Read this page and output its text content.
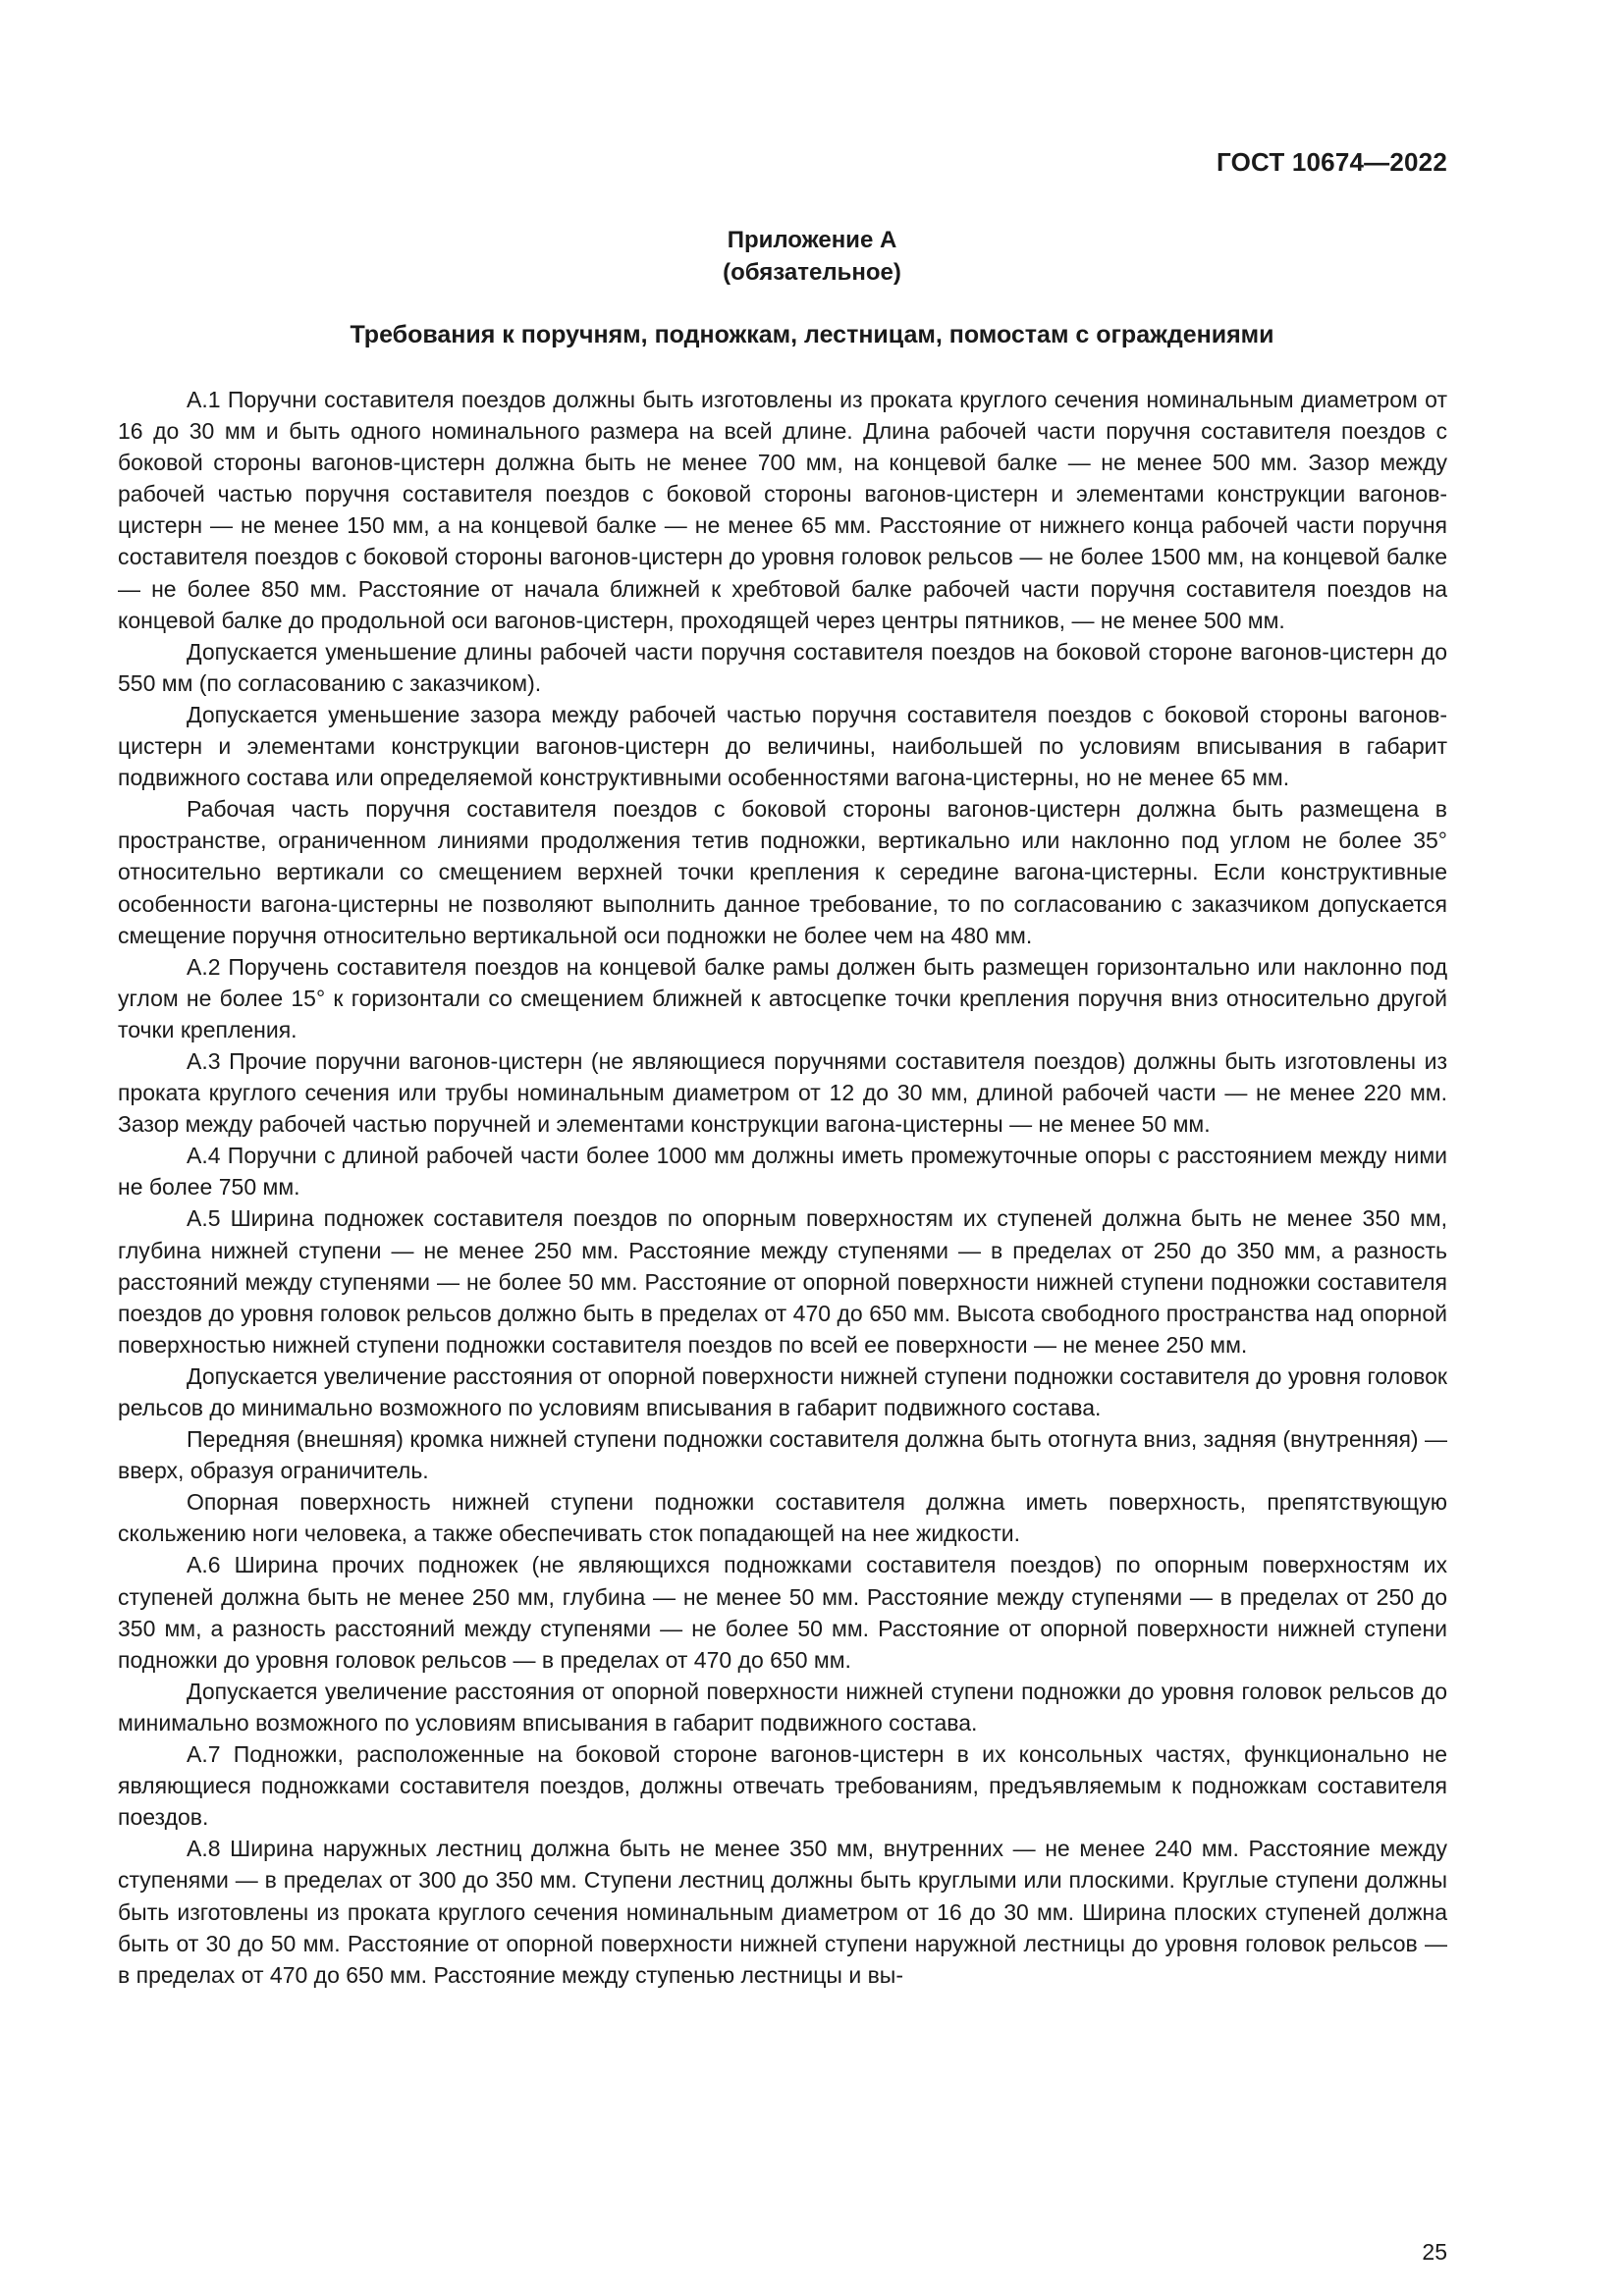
ГОСТ 10674—2022
Приложение А
(обязательное)
Требования к поручням, подножкам, лестницам, помостам с ограждениями

А.1 Поручни составителя поездов должны быть изготовлены из проката круглого сечения номинальным диаметром от 16 до 30 мм и быть одного номинального размера на всей длине. Длина рабочей части поручня составителя поездов с боковой стороны вагонов-цистерн должна быть не менее 700 мм, на концевой балке — не менее 500 мм. Зазор между рабочей частью поручня составителя поездов с боковой стороны вагонов-цистерн и элементами конструкции вагонов-цистерн — не менее 150 мм, а на концевой балке — не менее 65 мм. Расстояние от нижнего конца рабочей части поручня составителя поездов с боковой стороны вагонов-цистерн до уровня головок рельсов — не более 1500 мм, на концевой балке — не более 850 мм. Расстояние от начала ближней к хребтовой балке рабочей части поручня составителя поездов на концевой балке до продольной оси вагонов-цистерн, проходящей через центры пятников, — не менее 500 мм.

Допускается уменьшение длины рабочей части поручня составителя поездов на боковой стороне вагонов-цистерн до 550 мм (по согласованию с заказчиком).

Допускается уменьшение зазора между рабочей частью поручня составителя поездов с боковой стороны вагонов-цистерн и элементами конструкции вагонов-цистерн до величины, наибольшей по условиям вписывания в габарит подвижного состава или определяемой конструктивными особенностями вагона-цистерны, но не менее 65 мм.

Рабочая часть поручня составителя поездов с боковой стороны вагонов-цистерн должна быть размещена в пространстве, ограниченном линиями продолжения тетив подножки, вертикально или наклонно под углом не более 35° относительно вертикали со смещением верхней точки крепления к середине вагона-цистерны. Если конструктивные особенности вагона-цистерны не позволяют выполнить данное требование, то по согласованию с заказчиком допускается смещение поручня относительно вертикальной оси подножки не более чем на 480 мм.

А.2 Поручень составителя поездов на концевой балке рамы должен быть размещен горизонтально или наклонно под углом не более 15° к горизонтали со смещением ближней к автосцепке точки крепления поручня вниз относительно другой точки крепления.

А.3 Прочие поручни вагонов-цистерн (не являющиеся поручнями составителя поездов) должны быть изготовлены из проката круглого сечения или трубы номинальным диаметром от 12 до 30 мм, длиной рабочей части — не менее 220 мм. Зазор между рабочей частью поручней и элементами конструкции вагона-цистерны — не менее 50 мм.

А.4 Поручни с длиной рабочей части более 1000 мм должны иметь промежуточные опоры с расстоянием между ними не более 750 мм.

А.5 Ширина подножек составителя поездов по опорным поверхностям их ступеней должна быть не менее 350 мм, глубина нижней ступени — не менее 250 мм. Расстояние между ступенями — в пределах от 250 до 350 мм, а разность расстояний между ступенями — не более 50 мм. Расстояние от опорной поверхности нижней ступени подножки составителя поездов до уровня головок рельсов должно быть в пределах от 470 до 650 мм. Высота свободного пространства над опорной поверхностью нижней ступени подножки составителя поездов по всей ее поверхности — не менее 250 мм.

Допускается увеличение расстояния от опорной поверхности нижней ступени подножки составителя до уровня головок рельсов до минимально возможного по условиям вписывания в габарит подвижного состава.

Передняя (внешняя) кромка нижней ступени подножки составителя должна быть отогнута вниз, задняя (внутренняя) — вверх, образуя ограничитель.

Опорная поверхность нижней ступени подножки составителя должна иметь поверхность, препятствующую скольжению ноги человека, а также обеспечивать сток попадающей на нее жидкости.

А.6 Ширина прочих подножек (не являющихся подножками составителя поездов) по опорным поверхностям их ступеней должна быть не менее 250 мм, глубина — не менее 50 мм. Расстояние между ступенями — в пределах от 250 до 350 мм, а разность расстояний между ступенями — не более 50 мм. Расстояние от опорной поверхности нижней ступени подножки до уровня головок рельсов — в пределах от 470 до 650 мм.

Допускается увеличение расстояния от опорной поверхности нижней ступени подножки до уровня головок рельсов до минимально возможного по условиям вписывания в габарит подвижного состава.

А.7 Подножки, расположенные на боковой стороне вагонов-цистерн в их консольных частях, функционально не являющиеся подножками составителя поездов, должны отвечать требованиям, предъявляемым к подножкам составителя поездов.

А.8 Ширина наружных лестниц должна быть не менее 350 мм, внутренних — не менее 240 мм. Расстояние между ступенями — в пределах от 300 до 350 мм. Ступени лестниц должны быть круглыми или плоскими. Круглые ступени должны быть изготовлены из проката круглого сечения номинальным диаметром от 16 до 30 мм. Ширина плоских ступеней должна быть от 30 до 50 мм. Расстояние от опорной поверхности нижней ступени наружной лестницы до уровня головок рельсов — в пределах от 470 до 650 мм. Расстояние между ступенью лестницы и вы-

25
